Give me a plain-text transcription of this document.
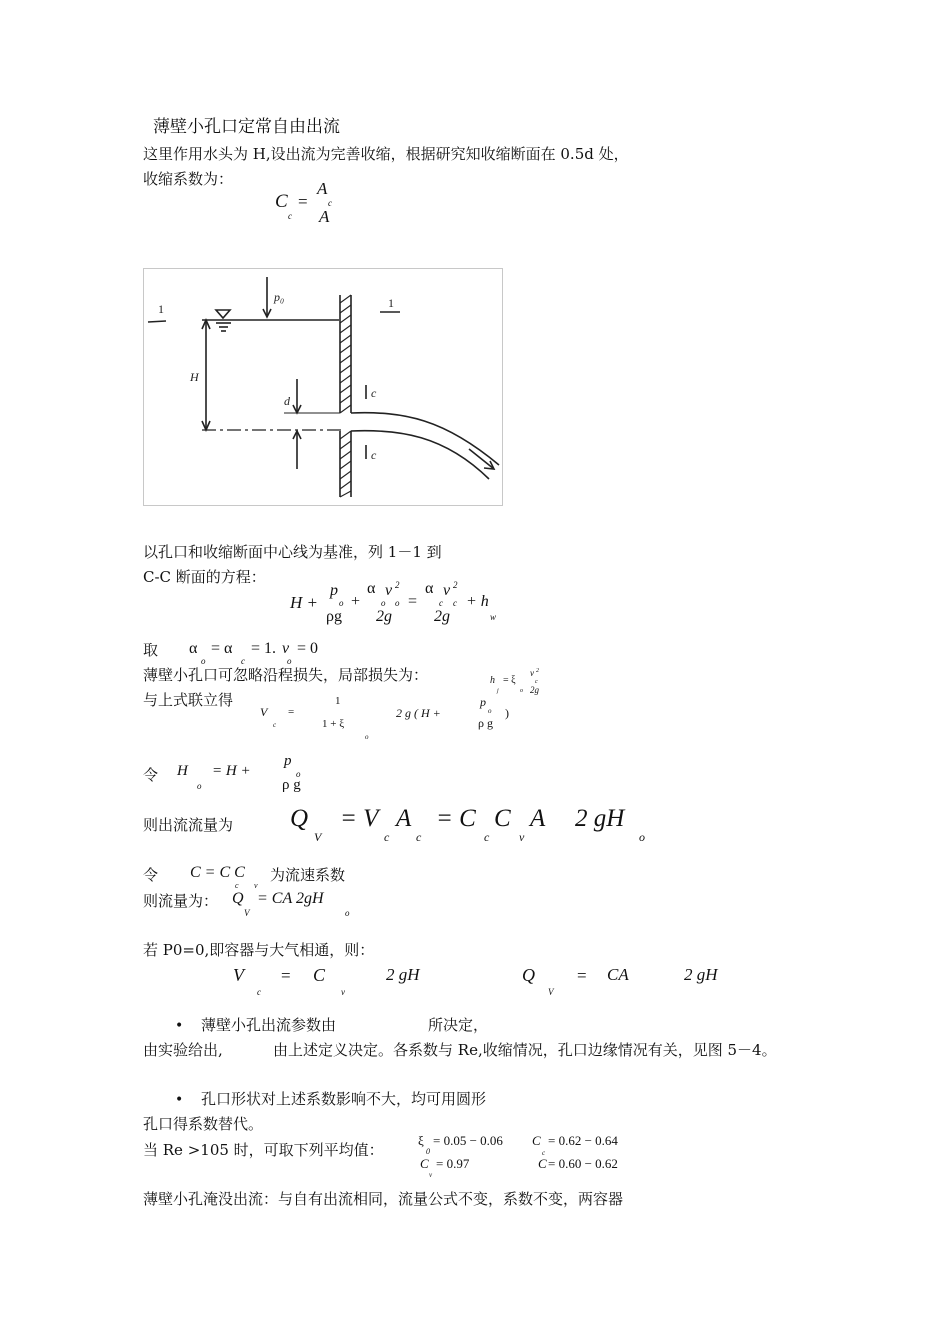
薄壁小孔口定常自由出流
这里作用水头为 H,设出流为完善收缩，根据研究知收缩断面在 0.5d 处，
收缩系数为：
C
c
=
A
c
A
p₀
1	1
H
d
c
c
以孔口和收缩断面中心线为基准，列 1－1 到
C-C 断面的方程：
H +
p
o
ρg
+
α v 2
o o
2g
=
α v 2
c c
2g
+ h
w
取 α = α = 1. v = 0
o	c	o
薄壁小孔口可忽略沿程损失，局部损失为：	h
j
= ξ
o
v 2
c
2g
与上式联立得
V
c
=
1
1 + ξ
o
2 g ( H +
p
o
ρ g
)
令 H
o
= H +
p
o
ρ g
则出流流量为 Q
V
= V A
c c
= C C A
c v
2 gH
o
令 C = C C
c v
为流速系数
则流量为： Q
V
= CA 2gH
o
若 P0=0,即容器与大气相通，则：
V
c
= C
v
2 gH	Q
V
= CA	2 gH
• 薄壁小孔出流参数由	所决定，
由实验给出,	由上述定义决定。各系数与 Re,收缩情况，孔口边缘情况有关，见图 5－4。
• 孔口形状对上述系数影响不大，均可用圆形
孔口得系数替代。
当 Re >105 时，可取下列平均值：
ξ
0
= 0.05 − 0.06 C
c
= 0.62 − 0.64
C
v
= 0.97	C = 0.60 − 0.62
薄壁小孔淹没出流：与自有出流相同，流量公式不变，系数不变，两容器
